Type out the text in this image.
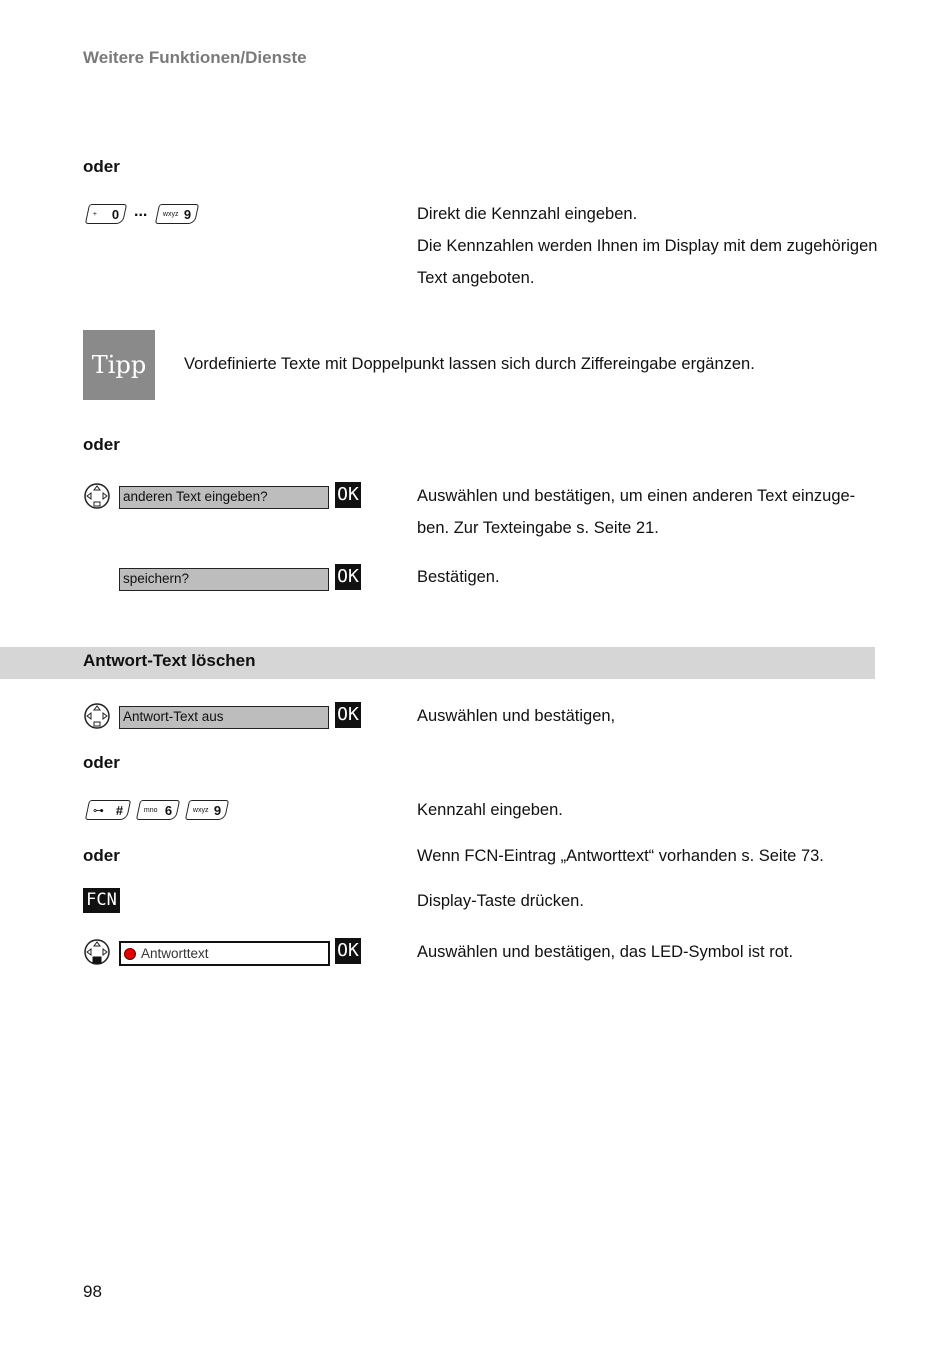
Weitere Funktionen/Dienste
oder
+ 0 ... wxyz 9	Direkt die Kennzahl eingeben.
Die Kennzahlen werden Ihnen im Display mit dem zugehörigen
Text angeboten.
Tipp	Vordefinierte Texte mit Doppelpunkt lassen sich durch Ziffereingabe ergänzen.
oder
anderen Text eingeben?	OK	Auswählen und bestätigen, um einen anderen Text einzuge-
ben. Zur Texteingabe s. Seite 21.
speichern?	OK	Bestätigen.
Antwort-Text löschen
Antwort-Text aus	OK	Auswählen und bestätigen,
oder
⊶ #	mno 6	wxyz 9	Kennzahl eingeben.
oder	Wenn FCN-Eintrag „Antworttext“ vorhanden s. Seite 73.
FCN	Display-Taste drücken.
Antworttext	OK	Auswählen und bestätigen, das LED-Symbol ist rot.
98
